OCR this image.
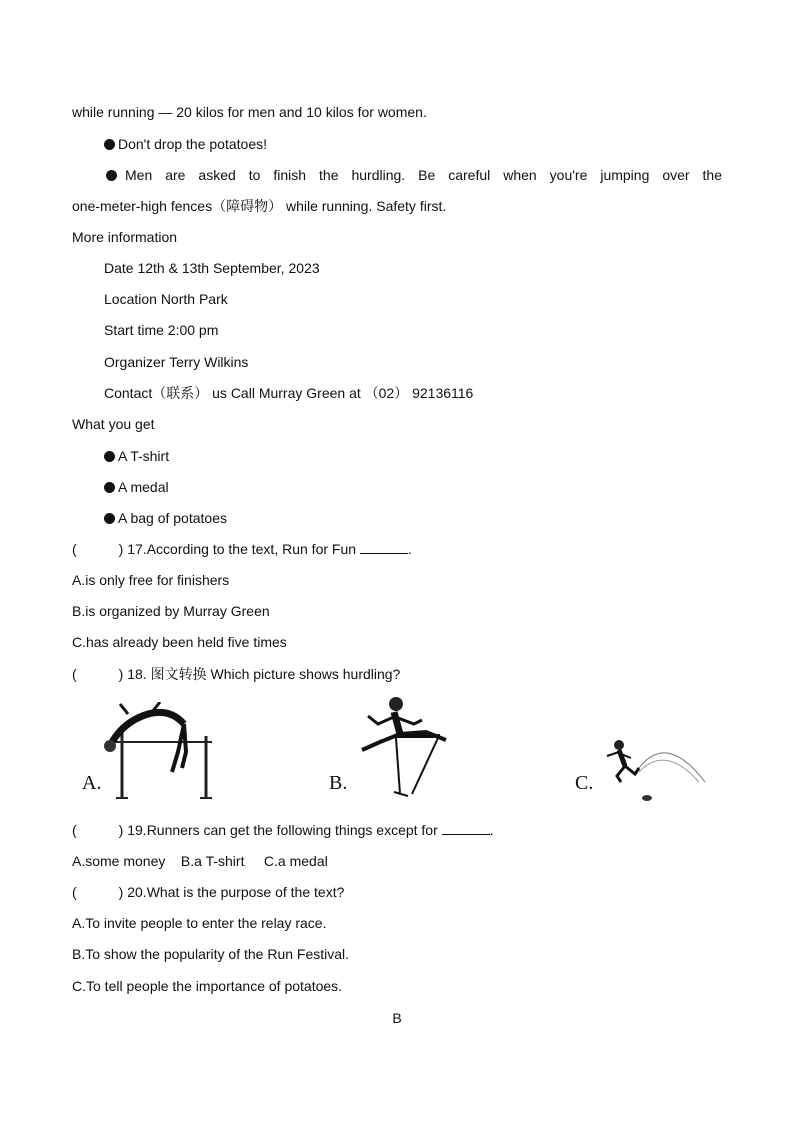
while running — 20 kilos for men and 10 kilos for women.
Don't drop the potatoes!
Men are asked to finish the hurdling. Be careful when you're jumping over the
one-meter-high fences（障碍物） while running. Safety first.
More information
Date 12th & 13th September, 2023
Location North Park
Start time 2:00 pm
Organizer Terry Wilkins
Contact（联系） us Call Murray Green at （02） 92136116
What you get
A T-shirt
A medal
A bag of potatoes
(	) 17.According to the text, Run for Fun	.
A.is only free for finishers
B.is organized by Murray Green
C.has already been held five times
(	) 18. 图文转换 Which picture shows hurdling?
A.	B.	C.
(	) 19.Runners can get the following things except for	.
A.some money    B.a T-shirt     C.a medal
(	) 20.What is the purpose of the text?
A.To invite people to enter the relay race.
B.To show the popularity of the Run Festival.
C.To tell people the importance of potatoes.
B
